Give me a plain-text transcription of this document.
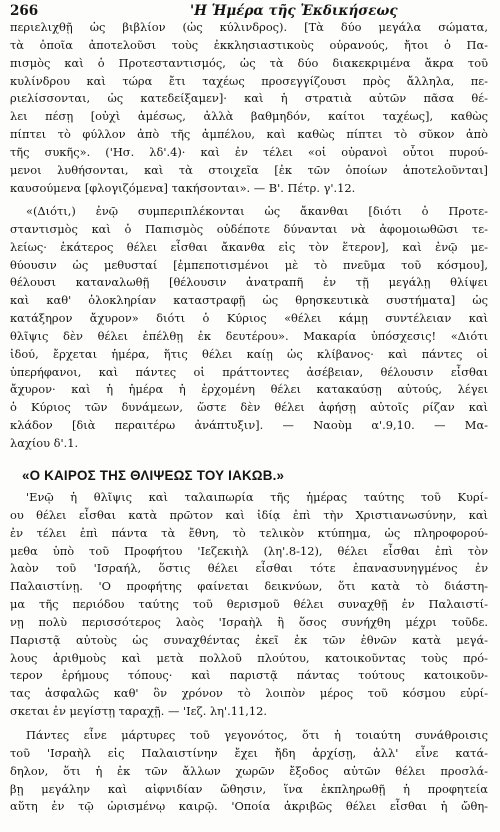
266	'Η Ἡμέρα τῆς Ἐκδικήσεως
περιελιχθῇ ὡς βιβλίον (ὡς κύλινδρος). [Τὰ δύο μεγάλα σώματα,
τὰ ὁποῖα ἀποτελοῦσι τοὺς ἐκκλησιαστικοὺς οὐρανούς, ἤτοι ὁ Πα-
πισμὸς καὶ ὁ Προτεσταντισμός, ὡς τὰ δύο διακεκριμένα ἄκρα τοῦ
κυλίνδρου καὶ τώρα ἔτι ταχέως προσεγγίζουσι πρὸς ἄλληλα, πε-
ριελίσσονται, ὡς κατεδείξαμεν]· καὶ ἡ στρατιὰ αὐτῶν πᾶσα θέ-
λει πέσῃ [οὐχὶ ἀμέσως, ἀλλὰ βαθμηδόν, καίτοι ταχέως], καθὼς
πίπτει τὸ φύλλον ἀπὸ τῆς ἀμπέλου, καὶ καθὼς πίπτει τὸ σῦκον ἀπὸ
τῆς συκῆς». ('Ησ. λδ'.4)· καὶ ἐν τέλει «οἱ οὐρανοὶ οὗτοι πυρού-
μενοι λυθήσονται, καὶ τὰ στοιχεῖα [ἐκ τῶν ὁποίων ἀποτελοῦνται]
καυσούμενα [φλογιζόμενα] τακήσονται». — Β'. Πέτρ. γ'.12.
«(Διότι,) ἐνῷ συμπεριπλέκονται ὡς ἄκανθαι [διότι ὁ Προτε-
σταντισμὸς καὶ ὁ Παπισμὸς οὐδέποτε δύνανται νὰ ἀφομοιωθῶσι τε-
λείως· ἑκάτερος θέλει εἶσθαι ἄκανθα εἰς τὸν ἕτερον], καὶ ἐνῷ με-
θύουσιν ὡς μεθυσταί [ἐμπεποτισμένοι μὲ τὸ πνεῦμα τοῦ κόσμου],
θέλουσι καταναλωθῇ [θέλουσιν ἀνατραπῆ ἐν τῇ μεγάλῃ θλίψει
καὶ καθ' ὁλοκληρίαν καταστραφῇ ὡς θρησκευτικὰ συστήματα] ὡς
κατάξηρον ἄχυρον» διότι ὁ Κύριος «θέλει κάμῃ συντέλειαν καὶ
θλῖψις δὲν θέλει ἐπέλθῃ ἐκ δευτέρου». Μακαρία ὑπόσχεσις! «Διότι
ἰδού, ἔρχεται ἡμέρα, ἥτις θέλει καίῃ ὡς κλίβανος· καὶ πάντες οἱ
ὑπερήφανοι, καὶ πάντες οἱ πράττοντες ἀσέβειαν, θέλουσιν εἶσθαι
ἄχυρον· καὶ ἡ ἡμέρα ἡ ἐρχομένη θέλει κατακαύσῃ αὐτούς, λέγει
ὁ Κύριος τῶν δυνάμεων, ὥστε δὲν θέλει ἀφήσῃ αὐτοῖς ρίζαν καὶ
κλάδον [διὰ περαιτέρω ἀνάπτυξιν]. — Ναοὺμ α'.9,10. — Μα-
λαχίου δ'.1.
«Ο ΚΑΙΡΟΣ ΤΗΣ ΘΛΙΨΕΩΣ ΤΟΥ ΙΑΚΩΒ.»
'Ενῷ ἡ θλῖψις καὶ ταλαιπωρία τῆς ἡμέρας ταύτης τοῦ Κυρί-
ου θέλει εἶσθαι κατὰ πρῶτον καὶ ἰδίᾳ ἐπὶ τὴν Χριστιανωσύνην, καὶ
ἐν τέλει ἐπὶ πάντα τὰ ἔθνη, τὸ τελικὸν κτύπημα, ὡς πληροφορού-
μεθα ὑπὸ τοῦ Προφήτου 'Ιεζεκιὴλ (λη'.8-12), θέλει εἶσθαι ἐπὶ τὸν
λαὸν τοῦ 'Ισραήλ, ὅστις θέλει εἶσθαι τότε ἐπανασυνηγμένος ἐν
Παλαιστίνῃ. 'Ο προφήτης φαίνεται δεικνύων, ὅτι κατὰ τὸ διάστη-
μα τῆς περιόδου ταύτης τοῦ θερισμοῦ θέλει συναχθῇ ἐν Παλαιστί-
νῃ πολὺ περισσότερος λαὸς 'Ισραὴλ ἢ ὅσος συνήχθη μέχρι τοῦδε.
Παριστᾷ αὐτοὺς ὡς συναχθέντας ἐκεῖ ἐκ τῶν ἐθνῶν κατὰ μεγά-
λους ἀριθμοὺς καὶ μετὰ πολλοῦ πλούτου, κατοικοῦντας τοὺς πρό-
τερον ἐρήμους τόπους· καὶ παριστᾷ πάντας τούτους κατοικοῦν-
τας ἀσφαλῶς καθ' ὃν χρόνον τὸ λοιπὸν μέρος τοῦ κόσμου εὑρί-
σκεται ἐν μεγίστῃ ταραχῇ. — 'Ιεζ. λη'.11,12.
Πάντες εἶνε μάρτυρες τοῦ γεγονότος, ὅτι ἡ τοιαύτη συνάθροισις
τοῦ 'Ισραὴλ εἰς Παλαιστίνην ἔχει ἤδη ἀρχίσῃ, ἀλλ' εἶνε κατά-
δηλον, ὅτι ἡ ἐκ τῶν ἄλλων χωρῶν ἔξοδος αὐτῶν θέλει προσλά-
βῃ μεγάλην καὶ αἰφνιδίαν ὤθησιν, ἵνα ἐκπληρωθῇ ἡ προφητεία
αὕτη ἐν τῷ ὡρισμένῳ καιρῷ. 'Οποία ἀκριβῶς θέλει εἶσθαι ἡ ὤθη-
